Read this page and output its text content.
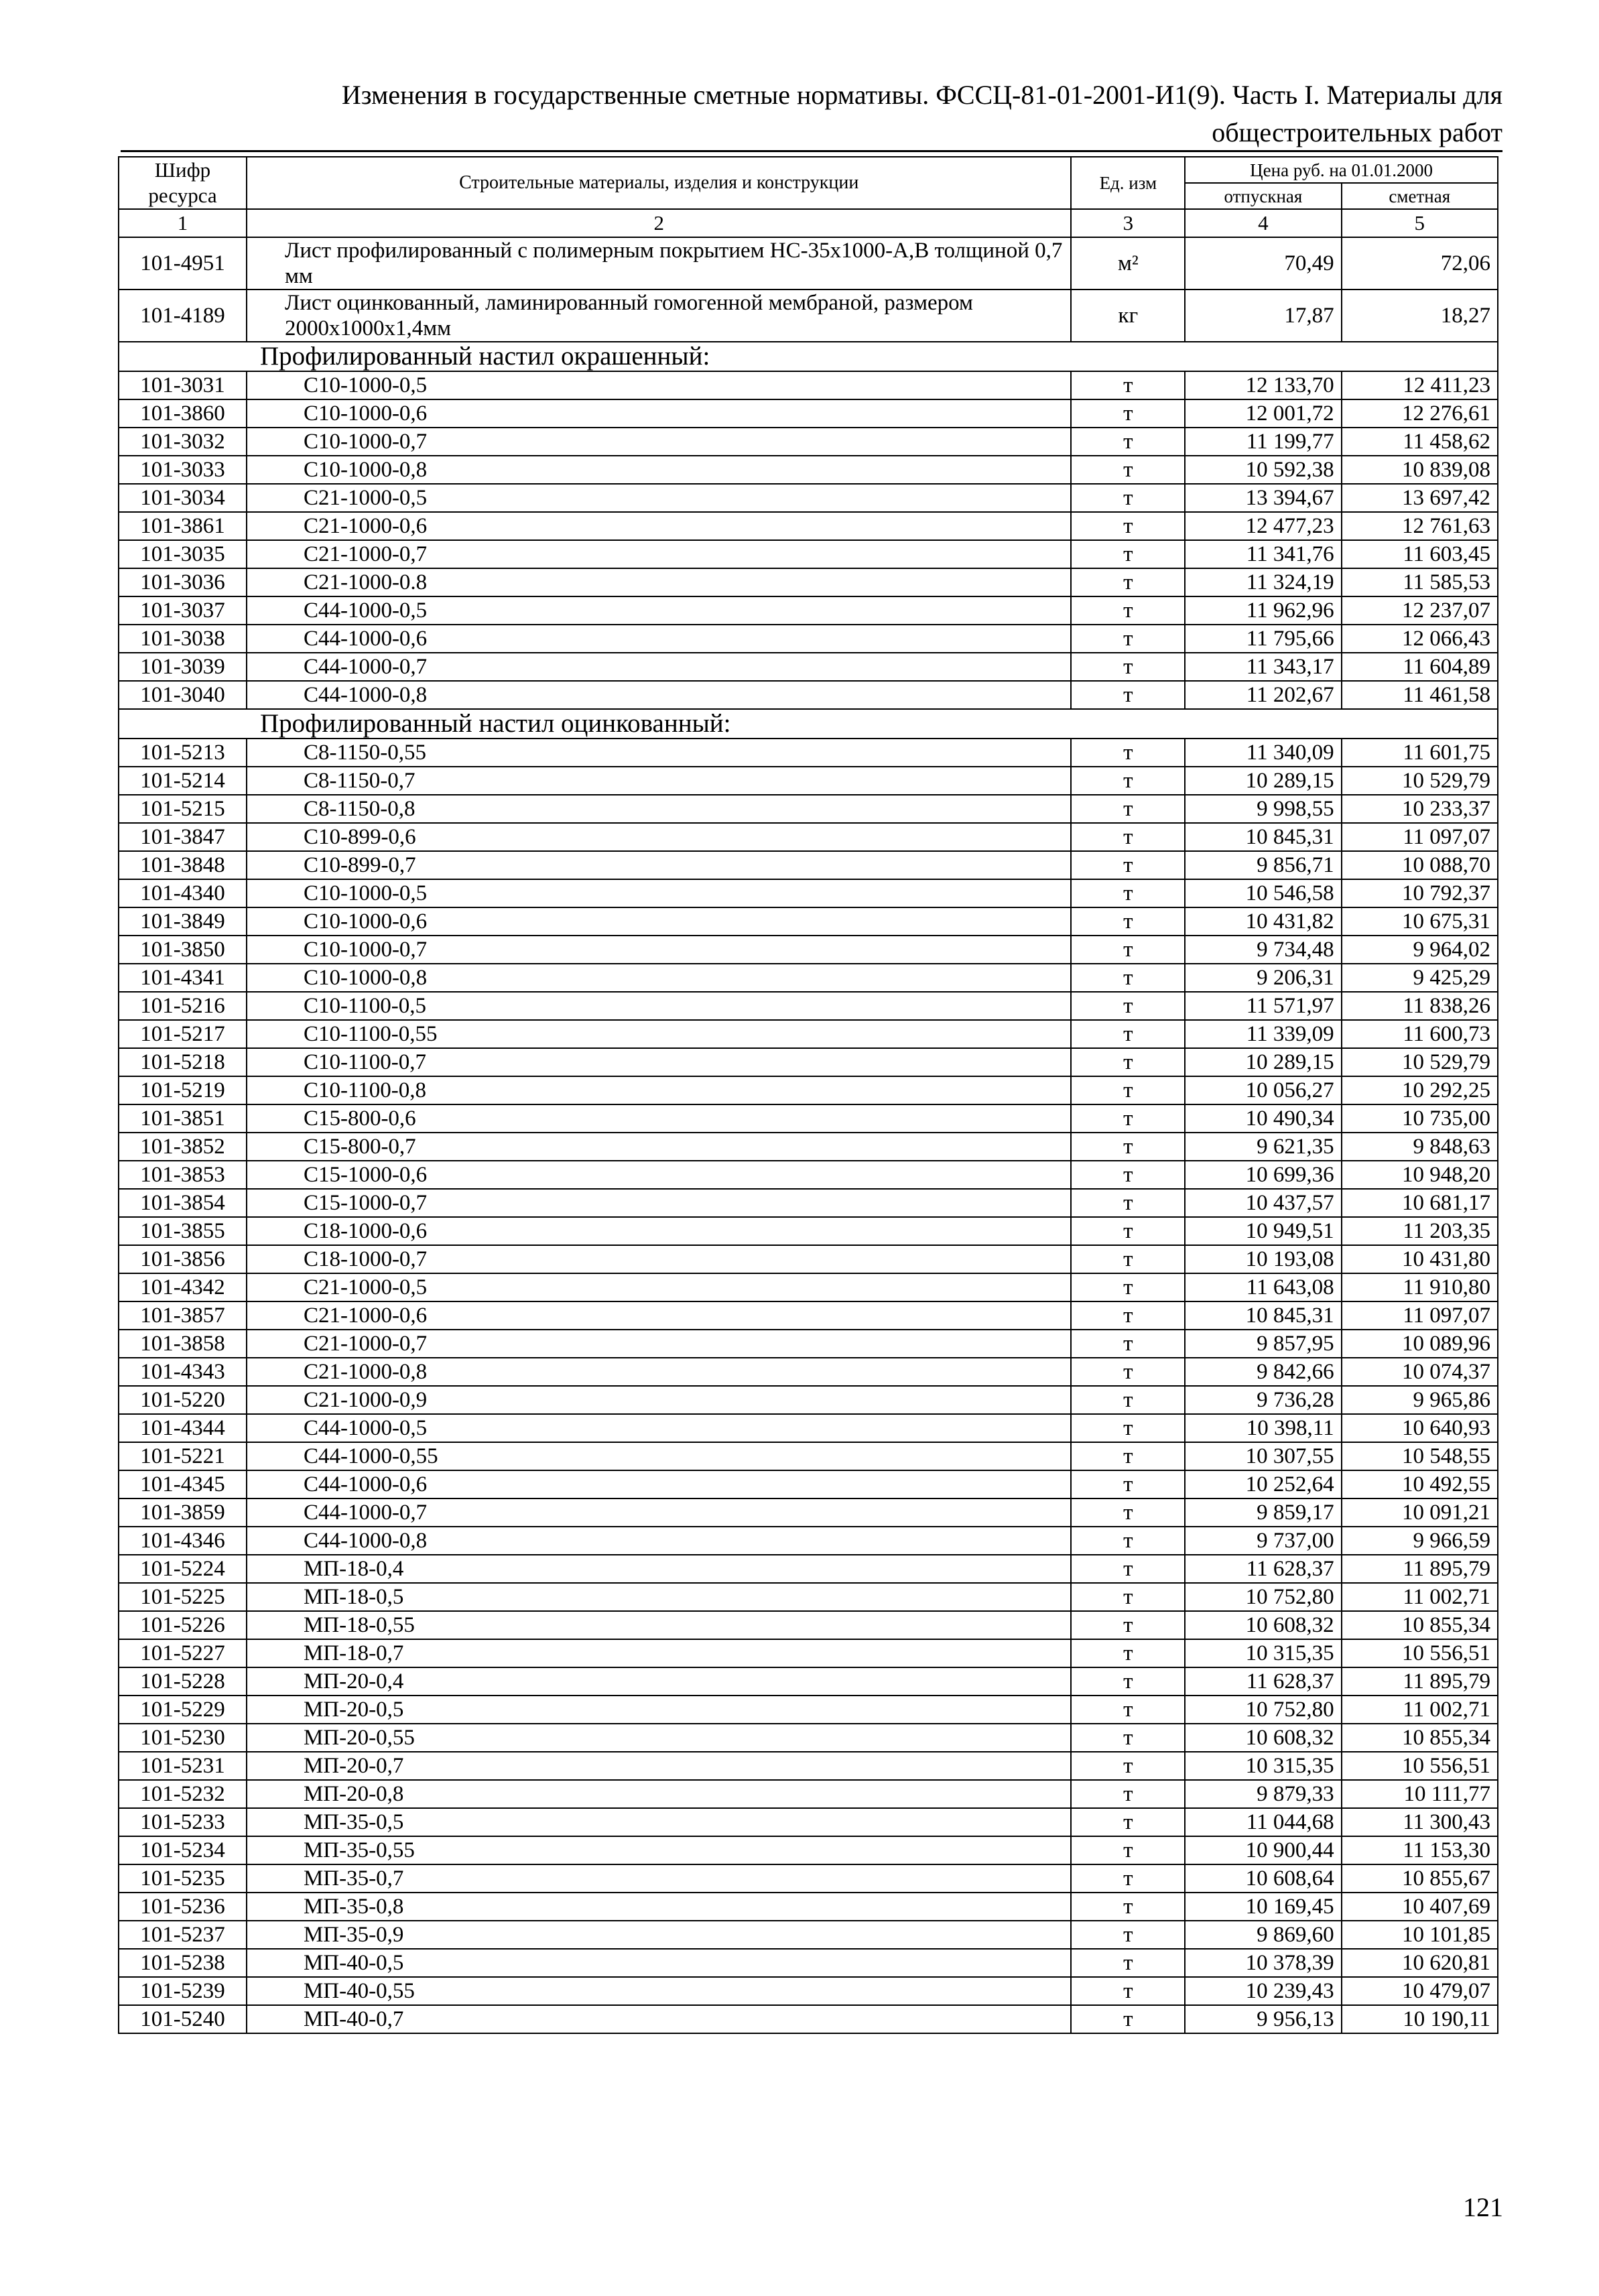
Изменения в государственные сметные нормативы. ФССЦ-81-01-2001-И1(9). Часть I. Материалы для
общестроительных работ
Шифр ресурса	Строительные материалы, изделия и конструкции	Ед. изм	Цена руб. на 01.01.2000	
			отпускная	сметная
1	2	3	4	5
101-4951	Лист профилированный с полимерным покрытием НС-35х1000-А,В толщиной 0,7 мм	м²	70,49	72,06
101-4189	Лист оцинкованный, ламинированный гомогенной мембраной, размером 2000х1000х1,4мм	кг	17,87	18,27
Профилированный настил окрашенный:				
101-3031	С10-1000-0,5	т	12 133,70	12 411,23
101-3860	С10-1000-0,6	т	12 001,72	12 276,61
101-3032	С10-1000-0,7	т	11 199,77	11 458,62
101-3033	С10-1000-0,8	т	10 592,38	10 839,08
101-3034	С21-1000-0,5	т	13 394,67	13 697,42
101-3861	С21-1000-0,6	т	12 477,23	12 761,63
101-3035	С21-1000-0,7	т	11 341,76	11 603,45
101-3036	С21-1000-0.8	т	11 324,19	11 585,53
101-3037	С44-1000-0,5	т	11 962,96	12 237,07
101-3038	С44-1000-0,6	т	11 795,66	12 066,43
101-3039	С44-1000-0,7	т	11 343,17	11 604,89
101-3040	С44-1000-0,8	т	11 202,67	11 461,58
Профилированный настил оцинкованный:				
101-5213	С8-1150-0,55	т	11 340,09	11 601,75
101-5214	С8-1150-0,7	т	10 289,15	10 529,79
101-5215	С8-1150-0,8	т	9 998,55	10 233,37
101-3847	С10-899-0,6	т	10 845,31	11 097,07
101-3848	С10-899-0,7	т	9 856,71	10 088,70
101-4340	С10-1000-0,5	т	10 546,58	10 792,37
101-3849	С10-1000-0,6	т	10 431,82	10 675,31
101-3850	С10-1000-0,7	т	9 734,48	9 964,02
101-4341	С10-1000-0,8	т	9 206,31	9 425,29
101-5216	С10-1100-0,5	т	11 571,97	11 838,26
101-5217	С10-1100-0,55	т	11 339,09	11 600,73
101-5218	С10-1100-0,7	т	10 289,15	10 529,79
101-5219	С10-1100-0,8	т	10 056,27	10 292,25
101-3851	С15-800-0,6	т	10 490,34	10 735,00
101-3852	С15-800-0,7	т	9 621,35	9 848,63
101-3853	С15-1000-0,6	т	10 699,36	10 948,20
101-3854	С15-1000-0,7	т	10 437,57	10 681,17
101-3855	С18-1000-0,6	т	10 949,51	11 203,35
101-3856	С18-1000-0,7	т	10 193,08	10 431,80
101-4342	С21-1000-0,5	т	11 643,08	11 910,80
101-3857	С21-1000-0,6	т	10 845,31	11 097,07
101-3858	С21-1000-0,7	т	9 857,95	10 089,96
101-4343	С21-1000-0,8	т	9 842,66	10 074,37
101-5220	С21-1000-0,9	т	9 736,28	9 965,86
101-4344	С44-1000-0,5	т	10 398,11	10 640,93
101-5221	С44-1000-0,55	т	10 307,55	10 548,55
101-4345	С44-1000-0,6	т	10 252,64	10 492,55
101-3859	С44-1000-0,7	т	9 859,17	10 091,21
101-4346	С44-1000-0,8	т	9 737,00	9 966,59
101-5224	МП-18-0,4	т	11 628,37	11 895,79
101-5225	МП-18-0,5	т	10 752,80	11 002,71
101-5226	МП-18-0,55	т	10 608,32	10 855,34
101-5227	МП-18-0,7	т	10 315,35	10 556,51
101-5228	МП-20-0,4	т	11 628,37	11 895,79
101-5229	МП-20-0,5	т	10 752,80	11 002,71
101-5230	МП-20-0,55	т	10 608,32	10 855,34
101-5231	МП-20-0,7	т	10 315,35	10 556,51
101-5232	МП-20-0,8	т	9 879,33	10 111,77
101-5233	МП-35-0,5	т	11 044,68	11 300,43
101-5234	МП-35-0,55	т	10 900,44	11 153,30
101-5235	МП-35-0,7	т	10 608,64	10 855,67
101-5236	МП-35-0,8	т	10 169,45	10 407,69
101-5237	МП-35-0,9	т	9 869,60	10 101,85
101-5238	МП-40-0,5	т	10 378,39	10 620,81
101-5239	МП-40-0,55	т	10 239,43	10 479,07
101-5240	МП-40-0,7	т	9 956,13	10 190,11
121
